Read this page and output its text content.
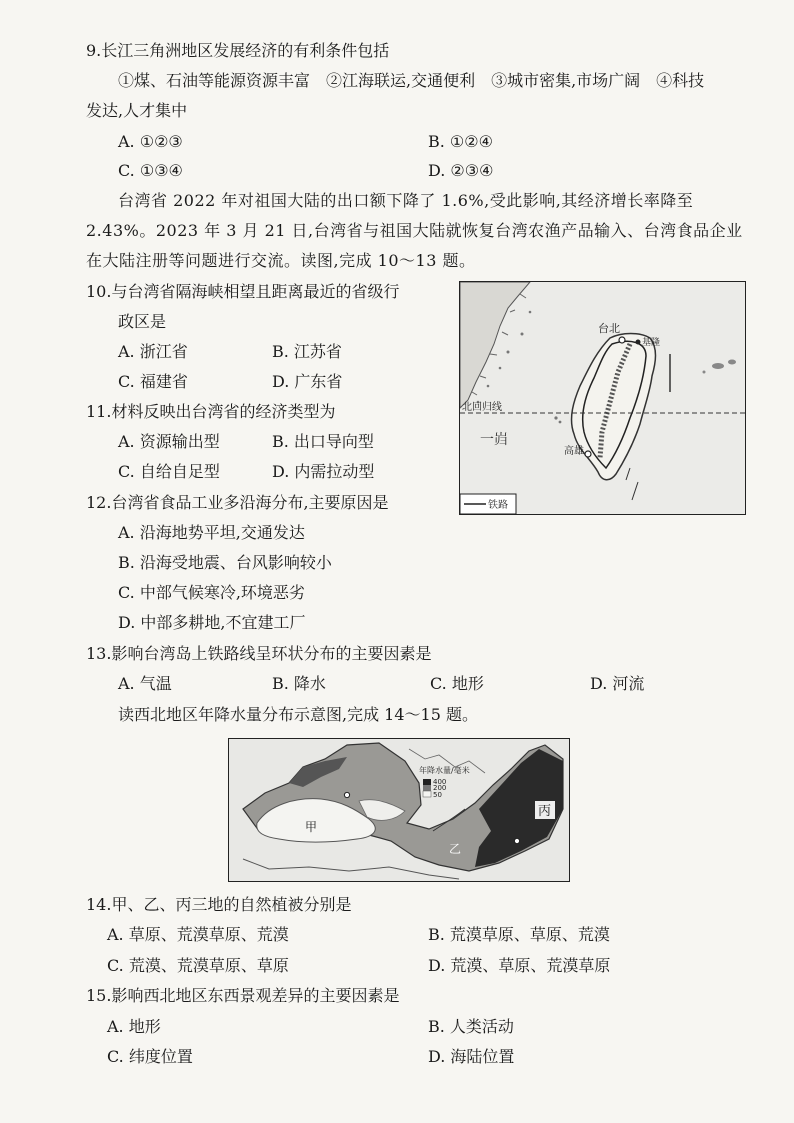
9.长江三角洲地区发展经济的有利条件包括
①煤、石油等能源资源丰富　②江海联运,交通便利　③城市密集,市场广阔　④科技
发达,人才集中
A. ①②③	B. ①②④
C. ①③④	D. ②③④
台湾省 2022 年对祖国大陆的出口额下降了 1.6%,受此影响,其经济增长率降至
2.43%。2023 年 3 月 21 日,台湾省与祖国大陆就恢复台湾农渔产品输入、台湾食品企业
在大陆注册等问题进行交流。读图,完成 10～13 题。
10.与台湾省隔海峡相望且距离最近的省级行
政区是
A. 浙江省	B. 江苏省
C. 福建省	D. 广东省
11.材料反映出台湾省的经济类型为
A. 资源输出型	B. 出口导向型
C. 自给自足型	D. 内需拉动型
北回归线
台北
基隆
高雄
一岿
铁路
12.台湾省食品工业多沿海分布,主要原因是
A. 沿海地势平坦,交通发达
B. 沿海受地震、台风影响较小
C. 中部气候寒冷,环境恶劣
D. 中部多耕地,不宜建工厂
13.影响台湾岛上铁路线呈环状分布的主要因素是
A. 气温	B. 降水	C. 地形	D. 河流
读西北地区年降水量分布示意图,完成 14～15 题。
甲
乙
丙
年降水量/毫米
400
200
50
14.甲、乙、丙三地的自然植被分别是
A. 草原、荒漠草原、荒漠	B. 荒漠草原、草原、荒漠
C. 荒漠、荒漠草原、草原	D. 荒漠、草原、荒漠草原
15.影响西北地区东西景观差异的主要因素是
A. 地形	B. 人类活动
C. 纬度位置	D. 海陆位置
